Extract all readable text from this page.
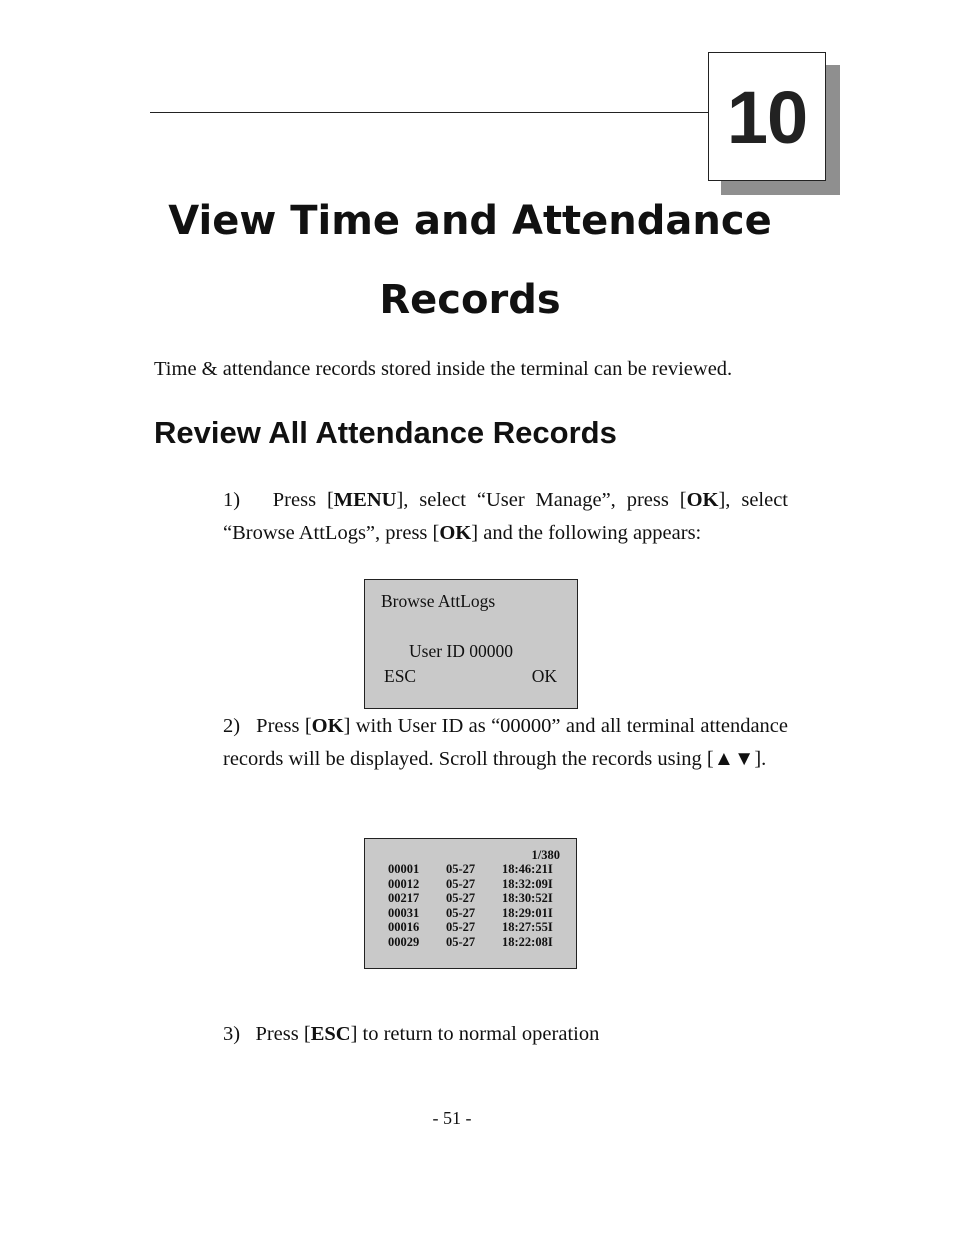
10
View Time and Attendance
Records
Time & attendance records stored inside the terminal can be reviewed.
Review All Attendance Records
1) Press [MENU], select “User Manage”, press [OK], select “Browse AttLogs”, press [OK] and the following appears:
Browse AttLogs
User ID 00000
ESC	OK
2) Press [OK] with User ID as “00000” and all terminal attendance records will be displayed. Scroll through the records using [▲▼].
1/380
00001	05-27	18:46:21I
00012	05-27	18:32:09I
00217	05-27	18:30:52I
00031	05-27	18:29:01I
00016	05-27	18:27:55I
00029	05-27	18:22:08I
3) Press [ESC] to return to normal operation
- 51 -
